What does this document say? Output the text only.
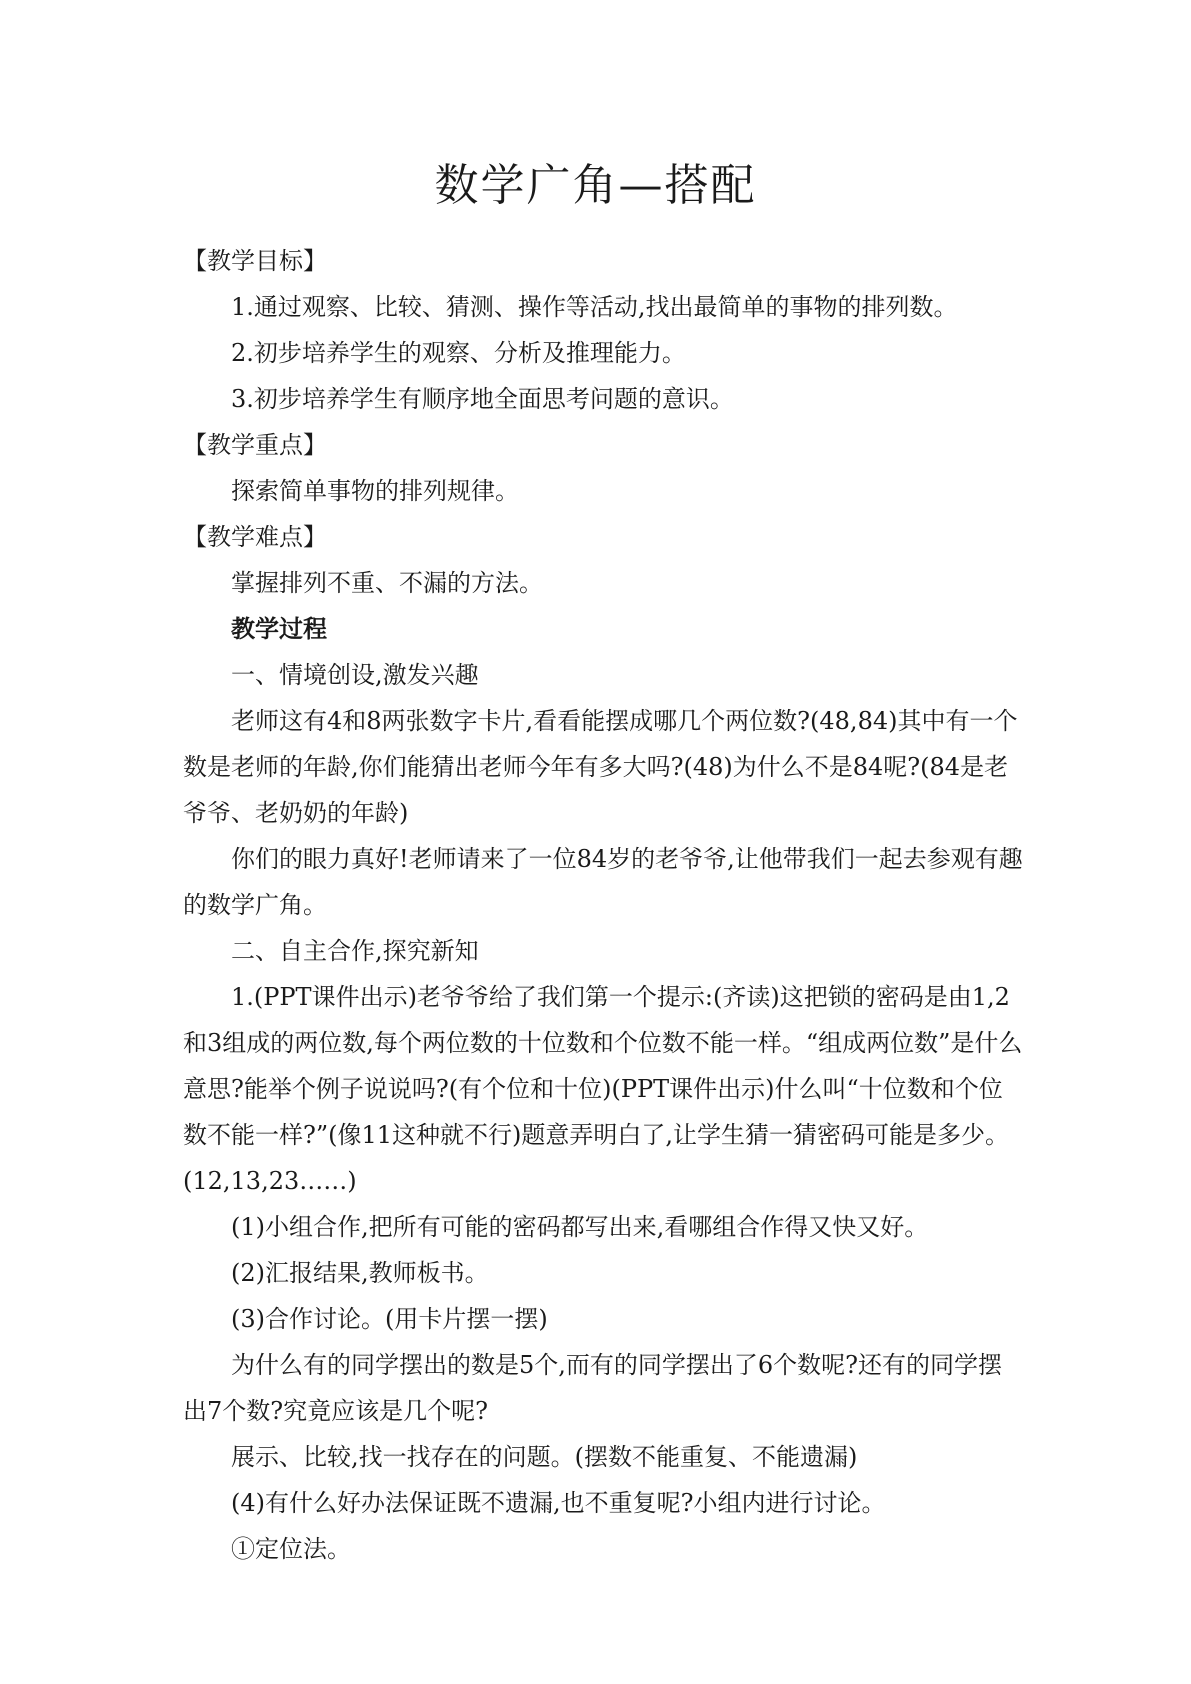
数学广角—搭配

【教学目标】

1.通过观察、比较、猜测、操作等活动,找出最简单的事物的排列数。

2.初步培养学生的观察、分析及推理能力。

3.初步培养学生有顺序地全面思考问题的意识。

【教学重点】

探索简单事物的排列规律。

【教学难点】

掌握排列不重、不漏的方法。

教学过程

一、情境创设,激发兴趣

老师这有4和8两张数字卡片,看看能摆成哪几个两位数?(48,84)其中有一个数是老师的年龄,你们能猜出老师今年有多大吗?(48)为什么不是84呢?(84是老爷爷、老奶奶的年龄)

你们的眼力真好!老师请来了一位84岁的老爷爷,让他带我们一起去参观有趣的数学广角。

二、自主合作,探究新知

1.(PPT课件出示)老爷爷给了我们第一个提示:(齐读)这把锁的密码是由1,2和3组成的两位数,每个两位数的十位数和个位数不能一样。“组成两位数”是什么意思?能举个例子说说吗?(有个位和十位)(PPT课件出示)什么叫“十位数和个位数不能一样?”(像11这种就不行)题意弄明白了,让学生猜一猜密码可能是多少。(12,13,23……)

(1)小组合作,把所有可能的密码都写出来,看哪组合作得又快又好。

(2)汇报结果,教师板书。

(3)合作讨论。(用卡片摆一摆)

为什么有的同学摆出的数是5个,而有的同学摆出了6个数呢?还有的同学摆出7个数?究竟应该是几个呢?

展示、比较,找一找存在的问题。(摆数不能重复、不能遗漏)

(4)有什么好办法保证既不遗漏,也不重复呢?小组内进行讨论。

①定位法。
